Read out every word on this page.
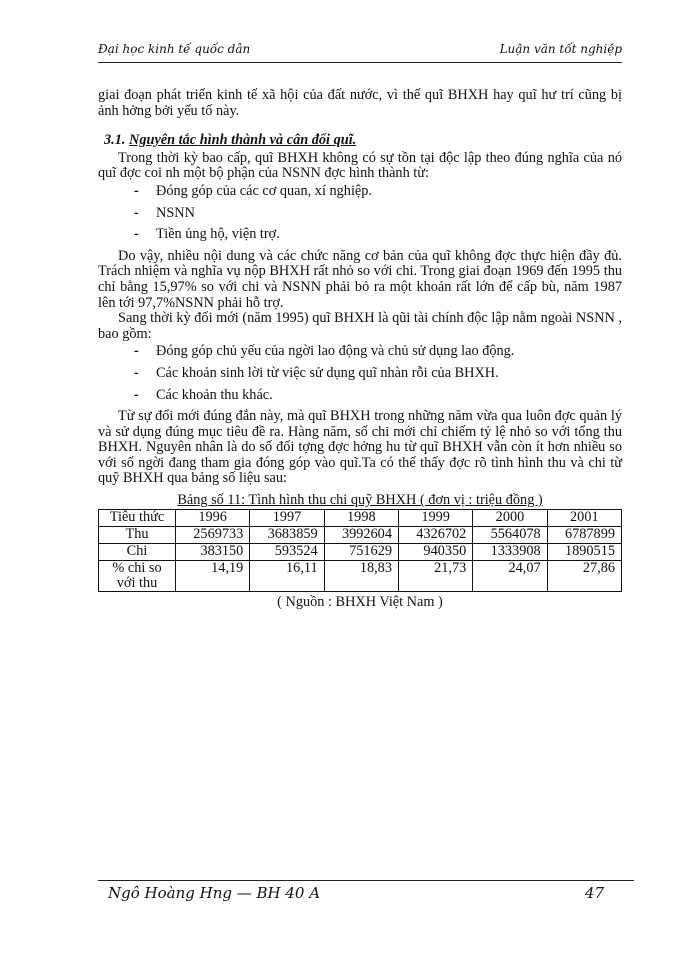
Đại học kinh tế quốc dân	Luận văn tốt nghiệp

giai đoạn phát triển kinh tế xã hội của đất nước, vì thế quĩ BHXH hay quĩ hư trí cũng bị ảnh hởng bởi yếu tố này.

3.1. Nguyên tắc hình thành và cân đối quĩ.

Trong thời kỳ bao cấp, quĩ BHXH không có sự tồn tại độc lập theo đúng nghĩa của nó quĩ đợc coi nh một bộ phận của NSNN đợc hình thành từ:

- Đóng góp của các cơ quan, xí nghiệp.
- NSNN
- Tiền ủng hộ, viện trợ.

Do vậy, nhiều nội dung và các chức năng cơ bản của quĩ không đợc thực hiện đầy đủ. Trách nhiệm và nghĩa vụ nộp BHXH rất nhỏ so với chi. Trong giai đoạn 1969 đến 1995 thu chỉ bằng 15,97% so với chi và NSNN phải bỏ ra một khoản rất lớn để cấp bù, năm 1987 lên tới 97,7%NSNN phải hỗ trợ.

Sang thời kỳ đổi mới (năm 1995) quĩ BHXH là qũi tài chính độc lập nằm ngoài NSNN , bao gồm:

- Đóng góp chủ yếu của ngời lao động và chủ sử dụng lao động.
- Các khoản sinh lời từ việc sử dụng quĩ nhàn rỗi của BHXH.
- Các khoản thu khác.

Từ sự đổi mới đúng đắn này, mà quĩ BHXH trong những năm vừa qua luôn đợc quản lý và sử dụng đúng mục tiêu đề ra. Hàng năm, số chi mới chỉ chiếm tỷ lệ nhỏ so với tổng thu BHXH. Nguyên nhân là do số đối tợng đợc hởng hu từ quĩ BHXH vẫn còn ít hơn nhiều so với số ngời đang tham gia đóng góp vào quĩ.Ta có thể thấy đợc rõ tình hình thu và chi từ quỹ BHXH qua bảng số liệu sau:

Bảng số 11: Tình hình thu chi quỹ BHXH ( đơn vị : triệu đồng )
Tiêu thức	1996	1997	1998	1999	2000	2001
Thu	2569733	3683859	3992604	4326702	5564078	6787899
Chi	383150	593524	751629	940350	1333908	1890515
% chi so với thu	14,19	16,11	18,83	21,73	24,07	27,86
( Nguồn : BHXH Việt Nam )
Ngô Hoàng Hng — BH 40 A	47
